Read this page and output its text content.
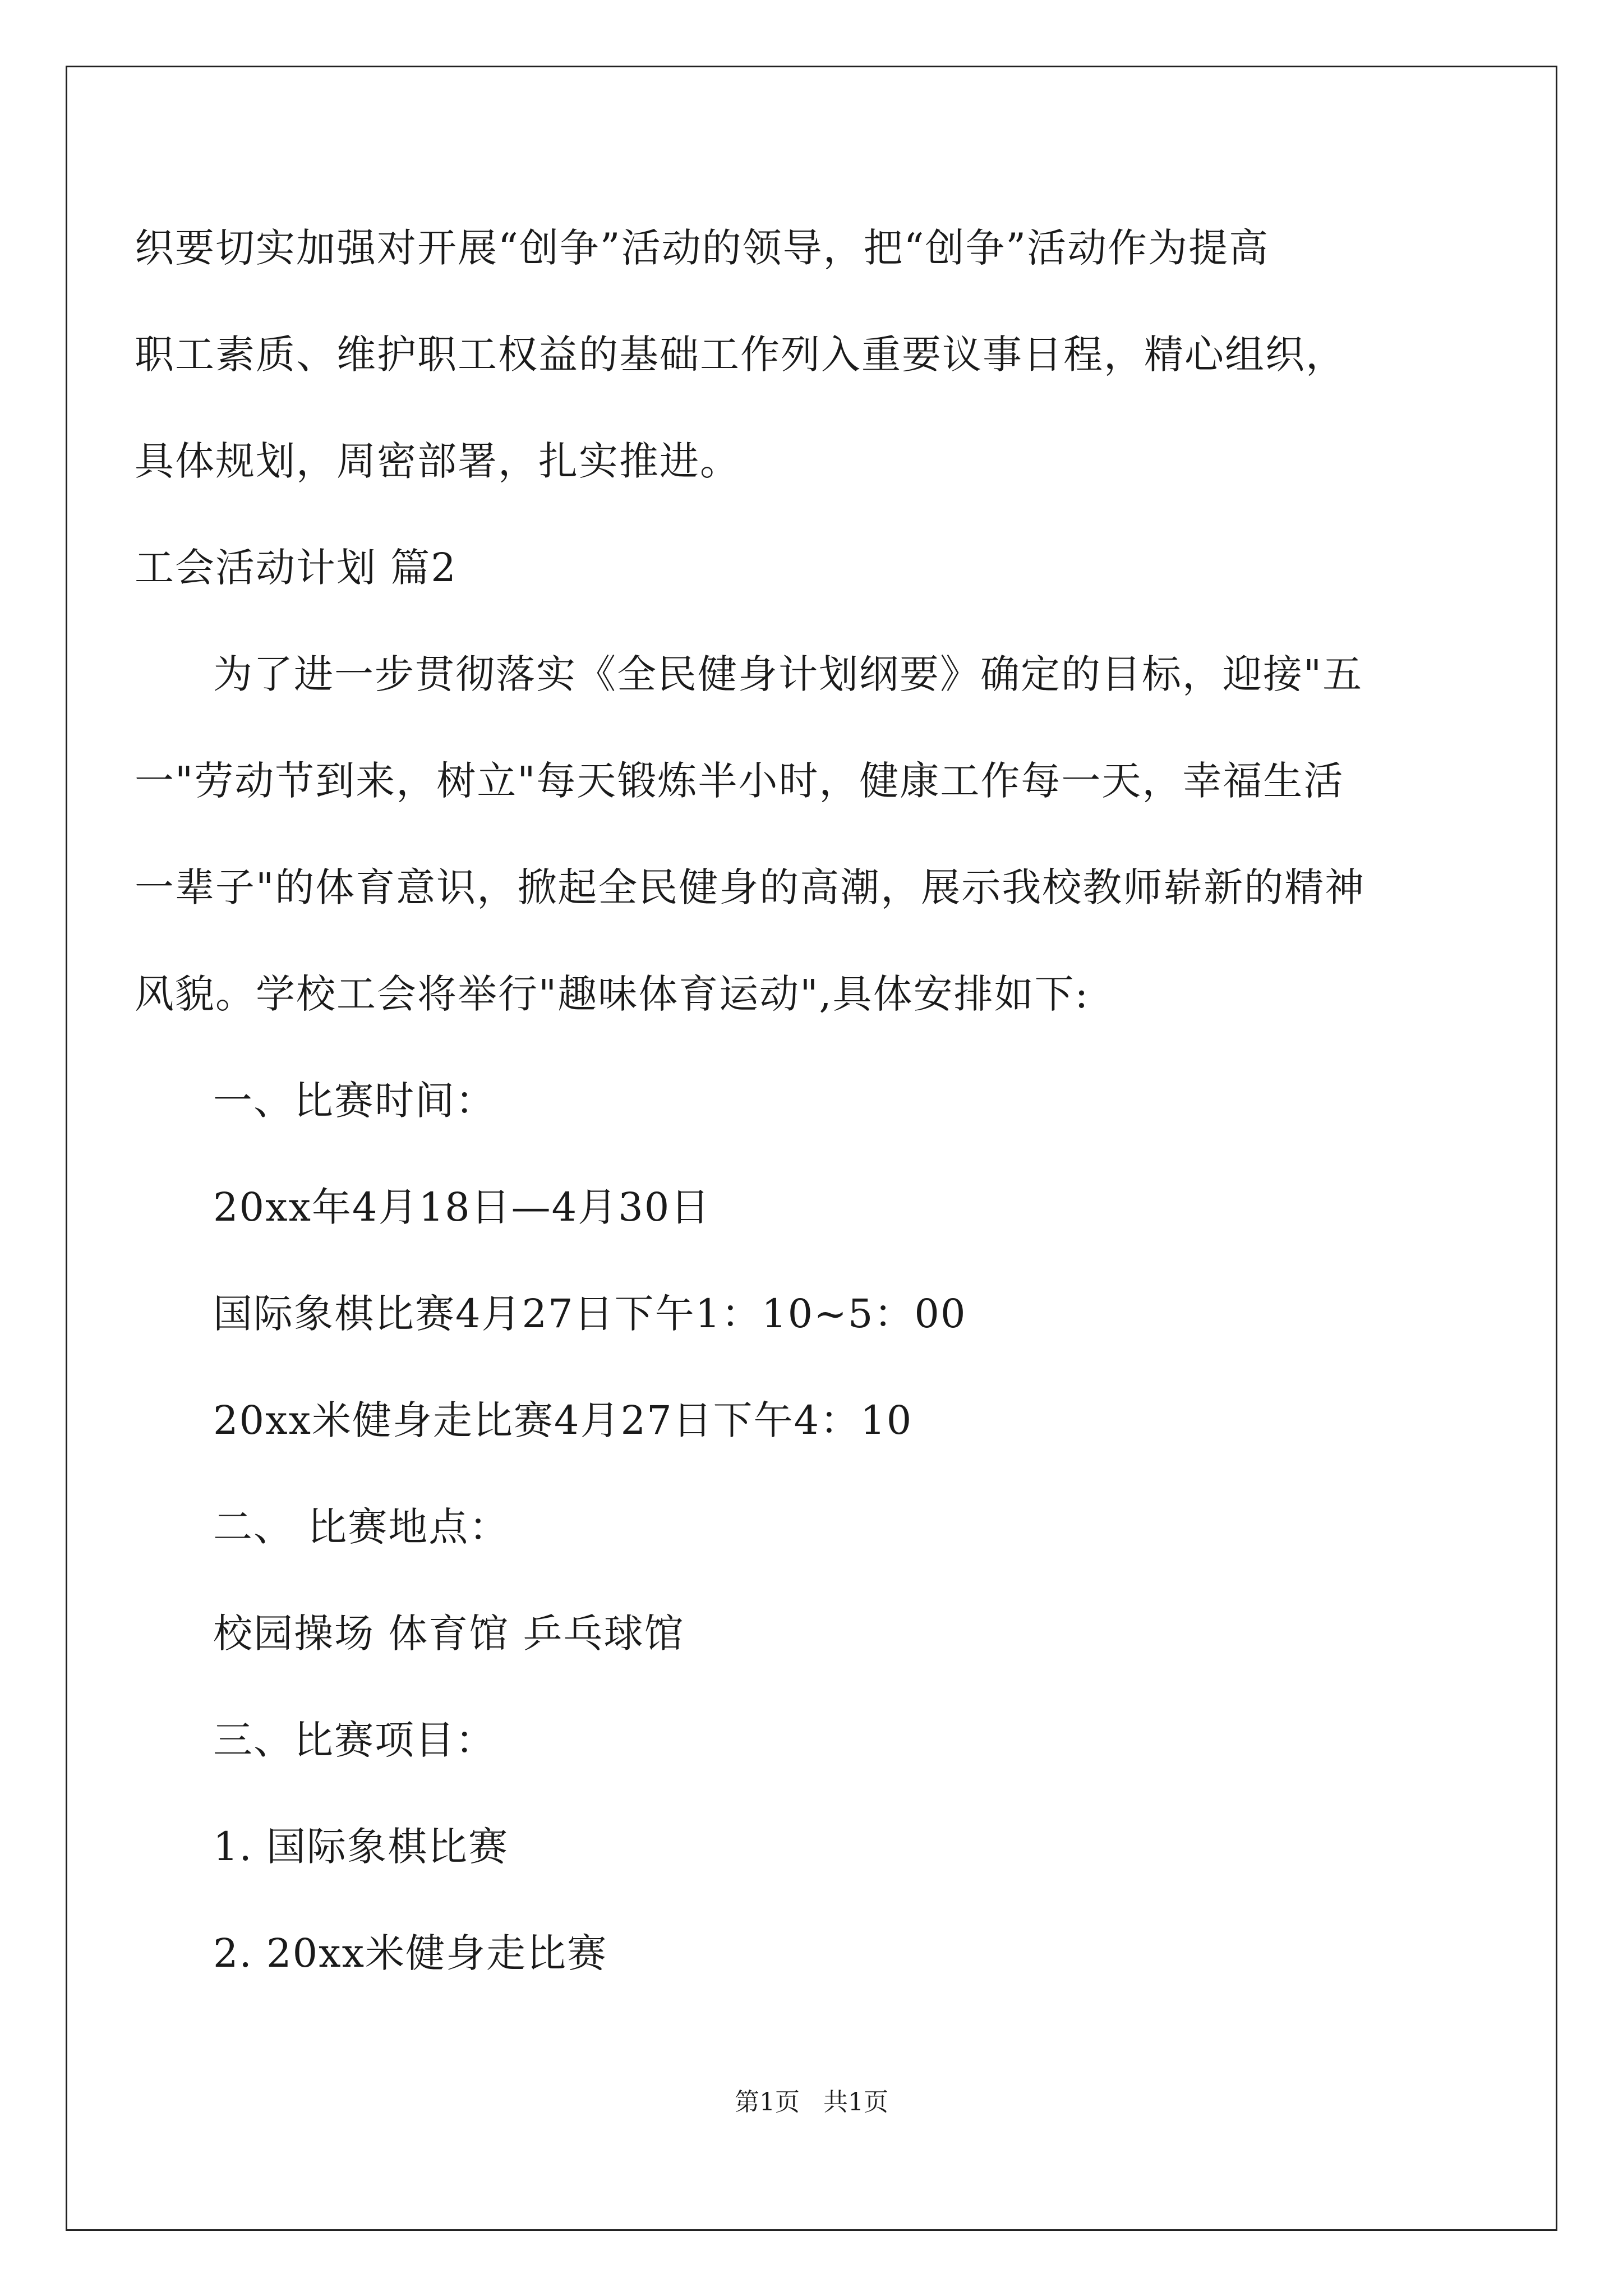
织要切实加强对开展“创争”活动的领导，把“创争”活动作为提高
职工素质、维护职工权益的基础工作列入重要议事日程，精心组织，
具体规划，周密部署，扎实推进。
工会活动计划 篇2
为了进一步贯彻落实《全民健身计划纲要》确定的目标，迎接"五
一"劳动节到来，树立"每天锻炼半小时，健康工作每一天，幸福生活
一辈子"的体育意识，掀起全民健身的高潮，展示我校教师崭新的精神
风貌。学校工会将举行"趣味体育运动",具体安排如下:
一、比赛时间：
20xx年4月18日—4月30日
国际象棋比赛4月27日下午1：10~5：00
20xx米健身走比赛4月27日下午4：10
二、 比赛地点：
校园操场 体育馆 乒乓球馆
三、比赛项目：
1. 国际象棋比赛
2. 20xx米健身走比赛
第1页   共1页
